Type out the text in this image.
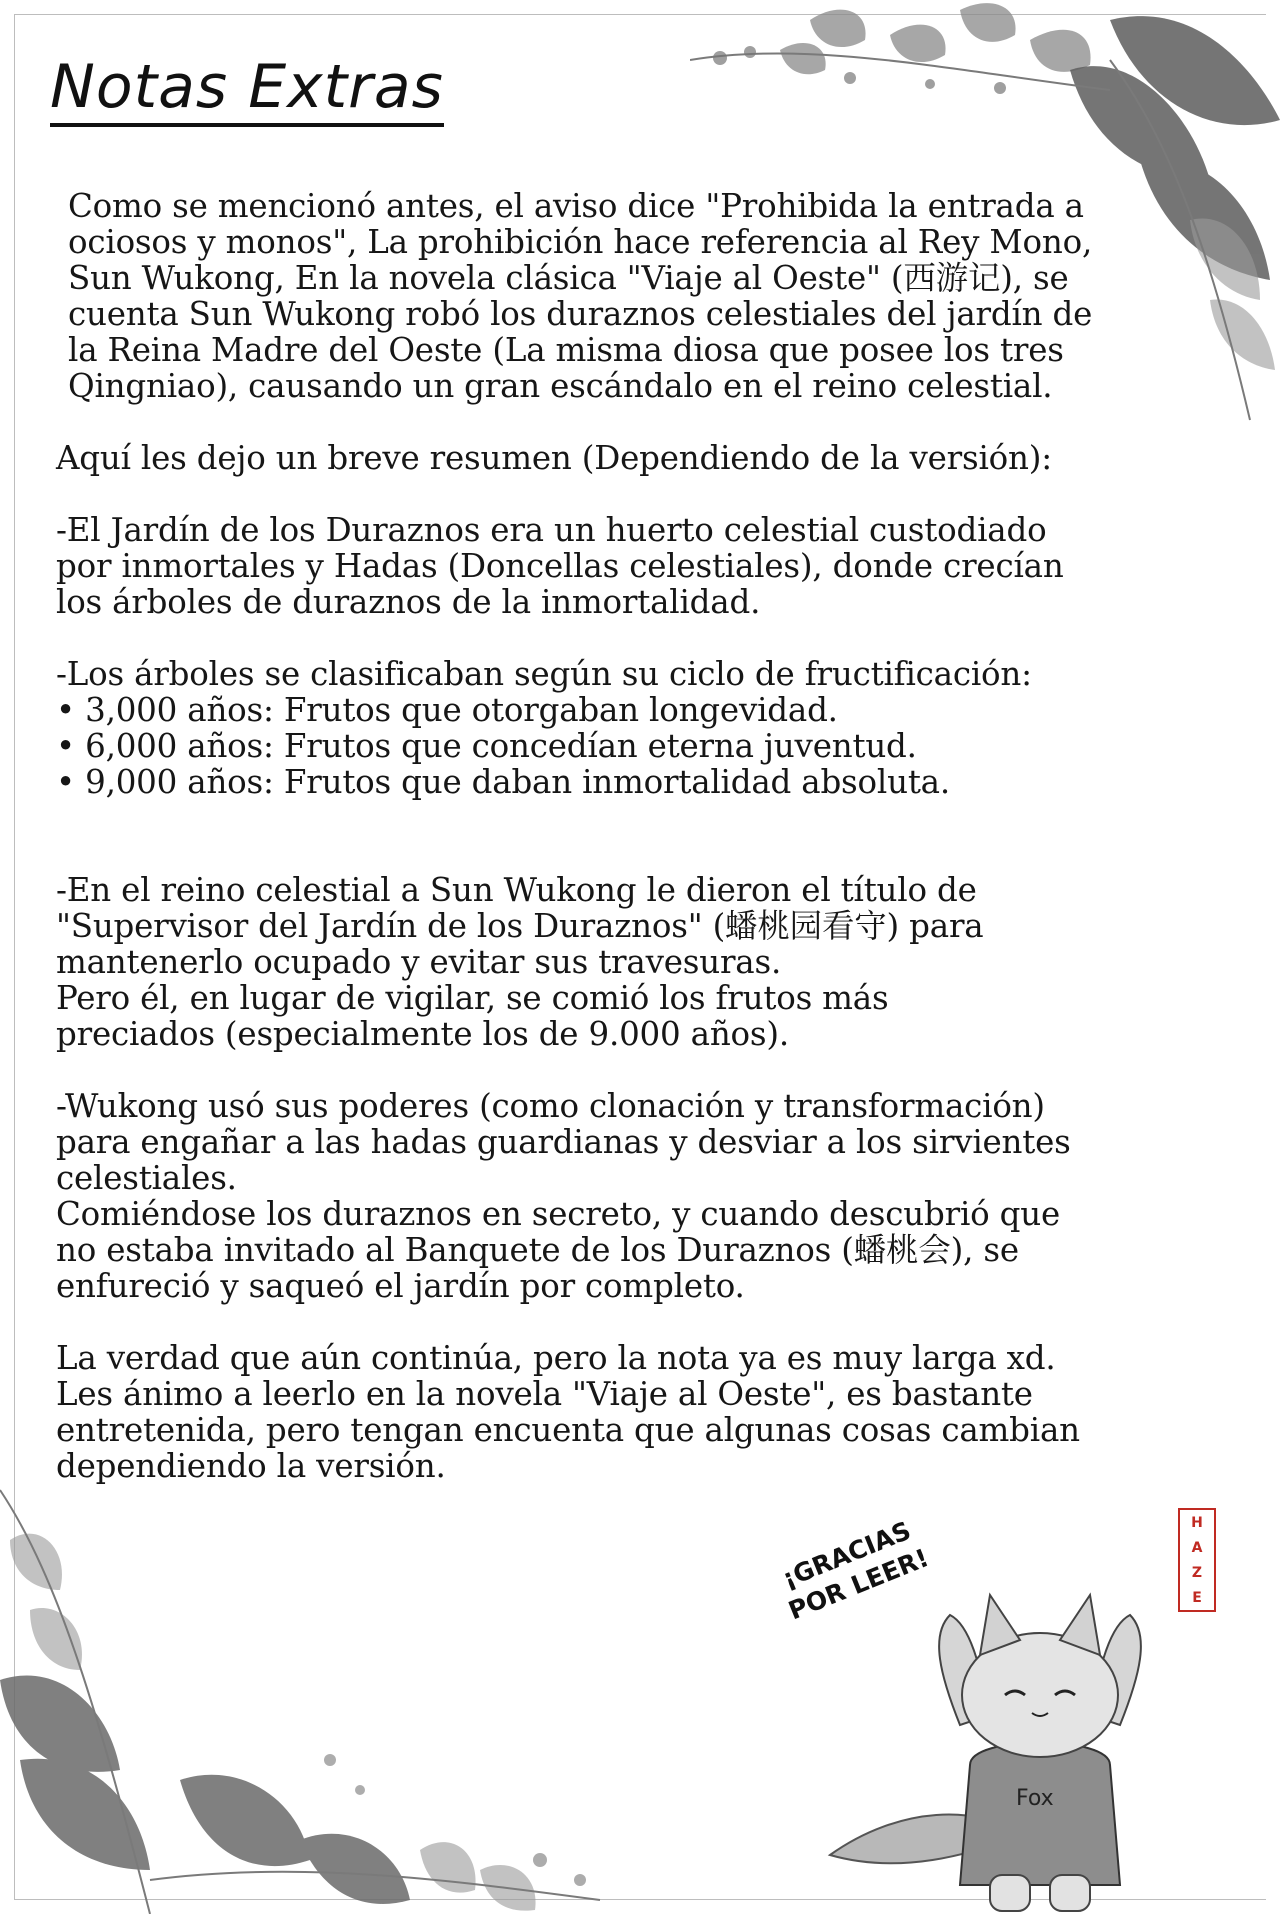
Notas Extras

Como se mencionó antes, el aviso dice "Prohibida la entrada a
ociosos y monos", La prohibición hace referencia al Rey Mono,
Sun Wukong, En la novela clásica "Viaje al Oeste" (西游记), se
cuenta Sun Wukong robó los duraznos celestiales del jardín de
la Reina Madre del Oeste (La misma diosa que posee los tres
Qingniao), causando un gran escándalo en el reino celestial.

Aquí les dejo un breve resumen (Dependiendo de la versión):

-El Jardín de los Duraznos era un huerto celestial custodiado
por inmortales y Hadas (Doncellas celestiales), donde crecían
los árboles de duraznos de la inmortalidad.

-Los árboles se clasificaban según su ciclo de fructificación:

• 3,000 años: Frutos que otorgaban longevidad.

• 6,000 años: Frutos que concedían eterna juventud.

• 9,000 años: Frutos que daban inmortalidad absoluta.

-En el reino celestial a Sun Wukong le dieron el título de
"Supervisor del Jardín de los Duraznos" (蟠桃园看守) para
mantenerlo ocupado y evitar sus travesuras.
Pero él, en lugar de vigilar, se comió los frutos más
preciados (especialmente los de 9.000 años).

-Wukong usó sus poderes (como clonación y transformación)
para engañar a las hadas guardianas y desviar a los sirvientes
celestiales.
Comiéndose los duraznos en secreto, y cuando descubrió que
no estaba invitado al Banquete de los Duraznos (蟠桃会), se
enfureció y saqueó el jardín por completo.

La verdad que aún continúa, pero la nota ya es muy larga xd.
Les ánimo a leerlo en la novela "Viaje al Oeste", es bastante
entretenida, pero tengan encuenta que algunas cosas cambian
dependiendo la versión.

¡GRACIAS
POR LEER!
H
A
Z
E
Fox
